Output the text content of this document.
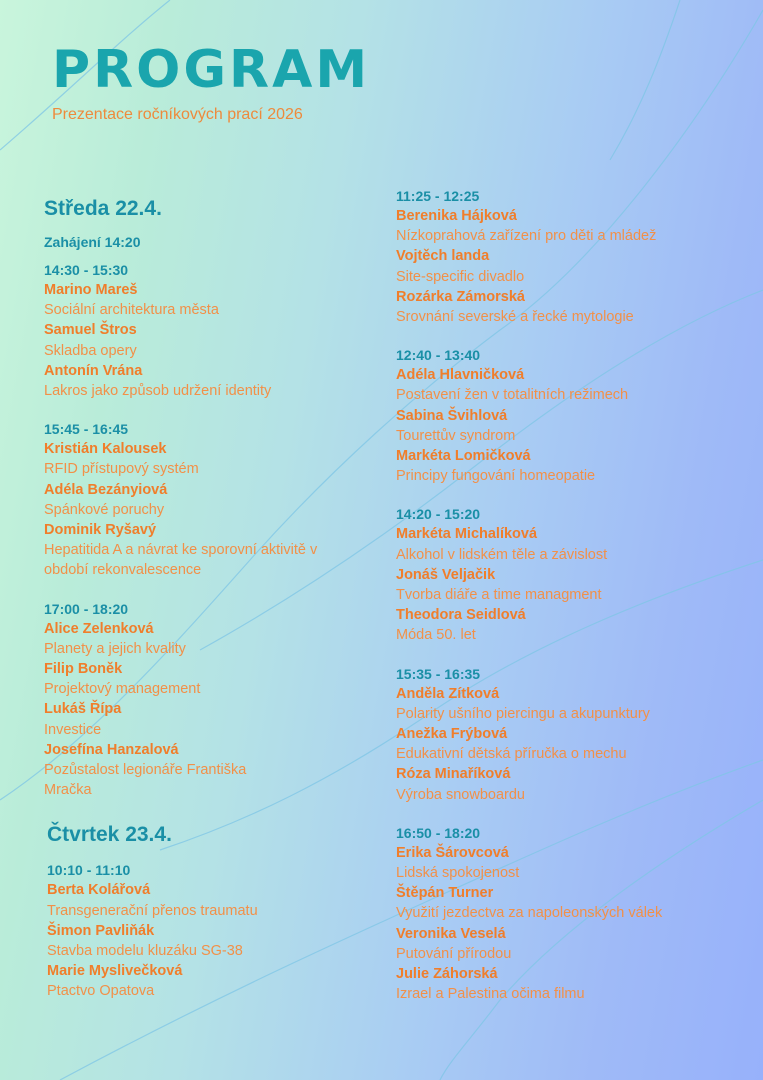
PROGRAM
Prezentace ročníkových prací 2026
Středa 22.4.
Zahájení 14:20
14:30 - 15:30
Marino Mareš
Sociální architektura města
Samuel Štros
Skladba opery
Antonín Vrána
Lakros jako způsob udržení identity
15:45 - 16:45
Kristián Kalousek
RFID přístupový systém
Adéla Bezányiová
Spánkové poruchy
Dominik Ryšavý
Hepatitida A a návrat ke sporovní aktivitě v
období rekonvalescence
17:00 - 18:20
Alice Zelenková
Planety a jejich kvality
Filip Boněk
Projektový management
Lukáš Řípa
Investice
Josefína Hanzalová
Pozůstalost legionáře Františka
Mračka
Čtvrtek 23.4.
10:10 - 11:10
Berta Kolářová
Transgenerační přenos traumatu
Šimon Pavliňák
Stavba modelu kluzáku SG-38
Marie Myslivečková
Ptactvo Opatova
11:25 - 12:25
Berenika Hájková
Nízkoprahová zařízení pro děti a mládež
Vojtěch landa
Site-specific divadlo
Rozárka Zámorská
Srovnání severské a řecké mytologie
12:40 - 13:40
Adéla Hlavničková
Postavení žen v totalitních režimech
Sabina Švihlová
Tourettův syndrom
Markéta Lomičková
Principy fungování homeopatie
14:20 - 15:20
Markéta Michalíková
Alkohol v lidském těle a závislost
Jonáš Veljačik
Tvorba diáře a time managment
Theodora Seidlová
Móda 50. let
15:35 - 16:35
Anděla Zítková
Polarity ušního piercingu a akupunktury
Anežka Frýbová
Edukativní dětská příručka o mechu
Róza Minaříková
Výroba snowboardu
16:50 - 18:20
Erika Šárovcová
Lidská spokojenost
Štěpán Turner
Využití jezdectva za napoleonských válek
Veronika Veselá
Putování přírodou
Julie Záhorská
Izrael a Palestina očima filmu
